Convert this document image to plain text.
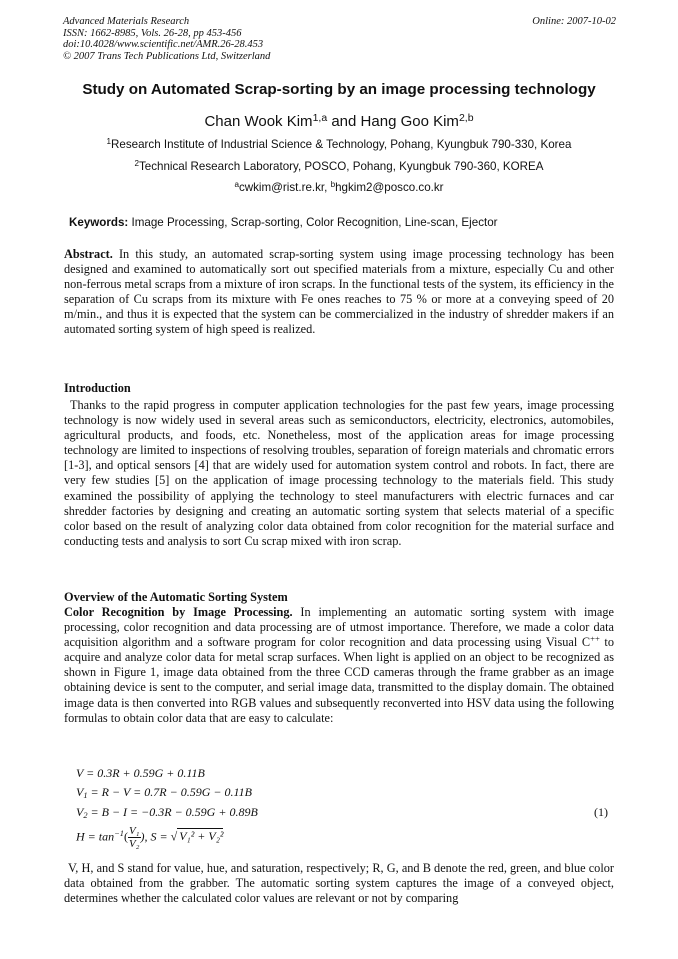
Advanced Materials Research
ISSN: 1662-8985, Vols. 26-28, pp 453-456
doi:10.4028/www.scientific.net/AMR.26-28.453
© 2007 Trans Tech Publications Ltd, Switzerland
Online: 2007-10-02
Study on Automated Scrap-sorting by an image processing technology
Chan Wook Kim$^{1,a}$ and Hang Goo Kim$^{2,b}$
$^1$Research Institute of Industrial Science & Technology, Pohang, Kyungbuk 790-330, Korea
$^2$Technical Research Laboratory, POSCO, Pohang, Kyungbuk 790-360, KOREA
$^a$cwkim@rist.re.kr, $^b$hgkim2@posco.co.kr
Keywords: Image Processing, Scrap-sorting, Color Recognition, Line-scan, Ejector
Abstract. In this study, an automated scrap-sorting system using image processing technology has been designed and examined to automatically sort out specified materials from a mixture, especially Cu and other non-ferrous metal scraps from a mixture of iron scraps. In the functional tests of the system, its efficiency in the separation of Cu scraps from its mixture with Fe ones reaches to 75 % or more at a conveying speed of 20 m/min., and thus it is expected that the system can be commercialized in the industry of shredder makers if an automated sorting system of high speed is realized.
Introduction
Thanks to the rapid progress in computer application technologies for the past few years, image processing technology is now widely used in several areas such as semiconductors, electricity, electronics, automobiles, agricultural products, and foods, etc. Nonetheless, most of the application areas for image processing technology are limited to inspections of resolving troubles, separation of foreign materials and chromatic errors [1-3], and optical sensors [4] that are widely used for automation system control and robots. In fact, there are very few studies [5] on the application of image processing technology to the materials field. This study examined the possibility of applying the technology to steel manufacturers with electric furnaces and car shredder factories by designing and creating an automatic sorting system that selects material of a specific color based on the result of analyzing color data obtained from color recognition for the material surface and conducting tests and analysis to sort Cu scrap mixed with iron scrap.
Overview of the Automatic Sorting System
Color Recognition by Image Processing. In implementing an automatic sorting system with image processing, color recognition and data processing are of utmost importance. Therefore, we made a color data acquisition algorithm and a software program for color recognition and data processing using Visual C++ to acquire and analyze color data for metal scrap surfaces. When light is applied on an object to be recognized as shown in Figure 1, image data obtained from the three CCD cameras through the frame grabber as an image obtaining device is sent to the computer, and serial image data, transmitted to the display domain. The obtained image data is then converted into RGB values and subsequently reconverted into HSV data using the following formulas to obtain color data that are easy to calculate:
V = 0.3R + 0.59G + 0.11B
$V_1 = R - V = 0.7R - 0.59G - 0.11B$
$V_2 = B - I = -0.3R - 0.59G + 0.89B$
$H = \tan^{-1}( \frac{\text{V₁}}{\text{V₂}}$ ), S = √ V₁² + V₂²
(1)
V, H, and S stand for value, hue, and saturation, respectively; R, G, and B denote the red, green, and blue color data obtained from the grabber. The automatic sorting system captures the image of a conveyed object, determines whether the calculated color values are relevant or not by comparing
